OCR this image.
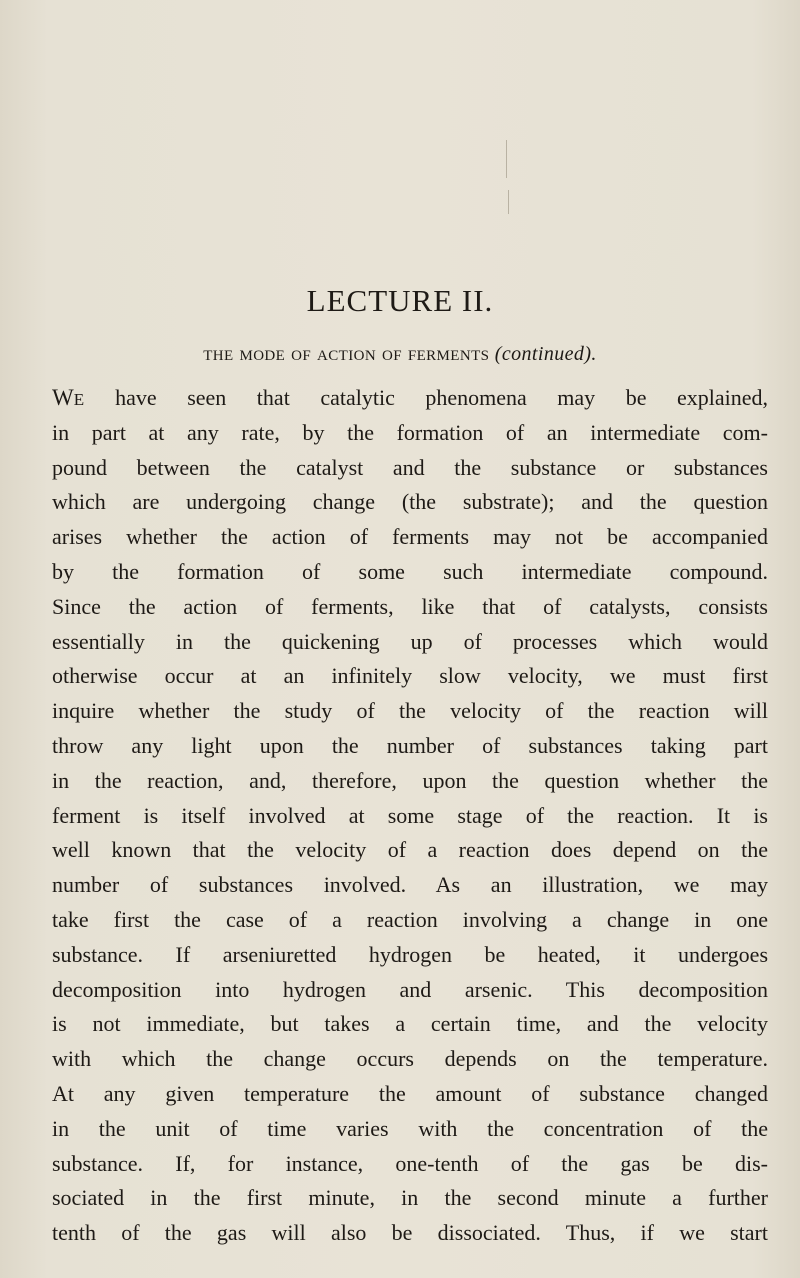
LECTURE II.
the mode of action of ferments (continued).
WE have seen that catalytic phenomena may be explained,
in part at any rate, by the formation of an intermediate com-
pound between the catalyst and the substance or substances
which are undergoing change (the substrate); and the question
arises whether the action of ferments may not be accompanied
by the formation of some such intermediate compound.
Since the action of ferments, like that of catalysts, consists
essentially in the quickening up of processes which would
otherwise occur at an infinitely slow velocity, we must first
inquire whether the study of the velocity of the reaction will
throw any light upon the number of substances taking part
in the reaction, and, therefore, upon the question whether the
ferment is itself involved at some stage of the reaction. It is
well known that the velocity of a reaction does depend on the
number of substances involved. As an illustration, we may
take first the case of a reaction involving a change in one
substance. If arseniuretted hydrogen be heated, it undergoes
decomposition into hydrogen and arsenic. This decomposition
is not immediate, but takes a certain time, and the velocity
with which the change occurs depends on the temperature.
At any given temperature the amount of substance changed
in the unit of time varies with the concentration of the
substance. If, for instance, one-tenth of the gas be dis-
sociated in the first minute, in the second minute a further
tenth of the gas will also be dissociated. Thus, if we start
